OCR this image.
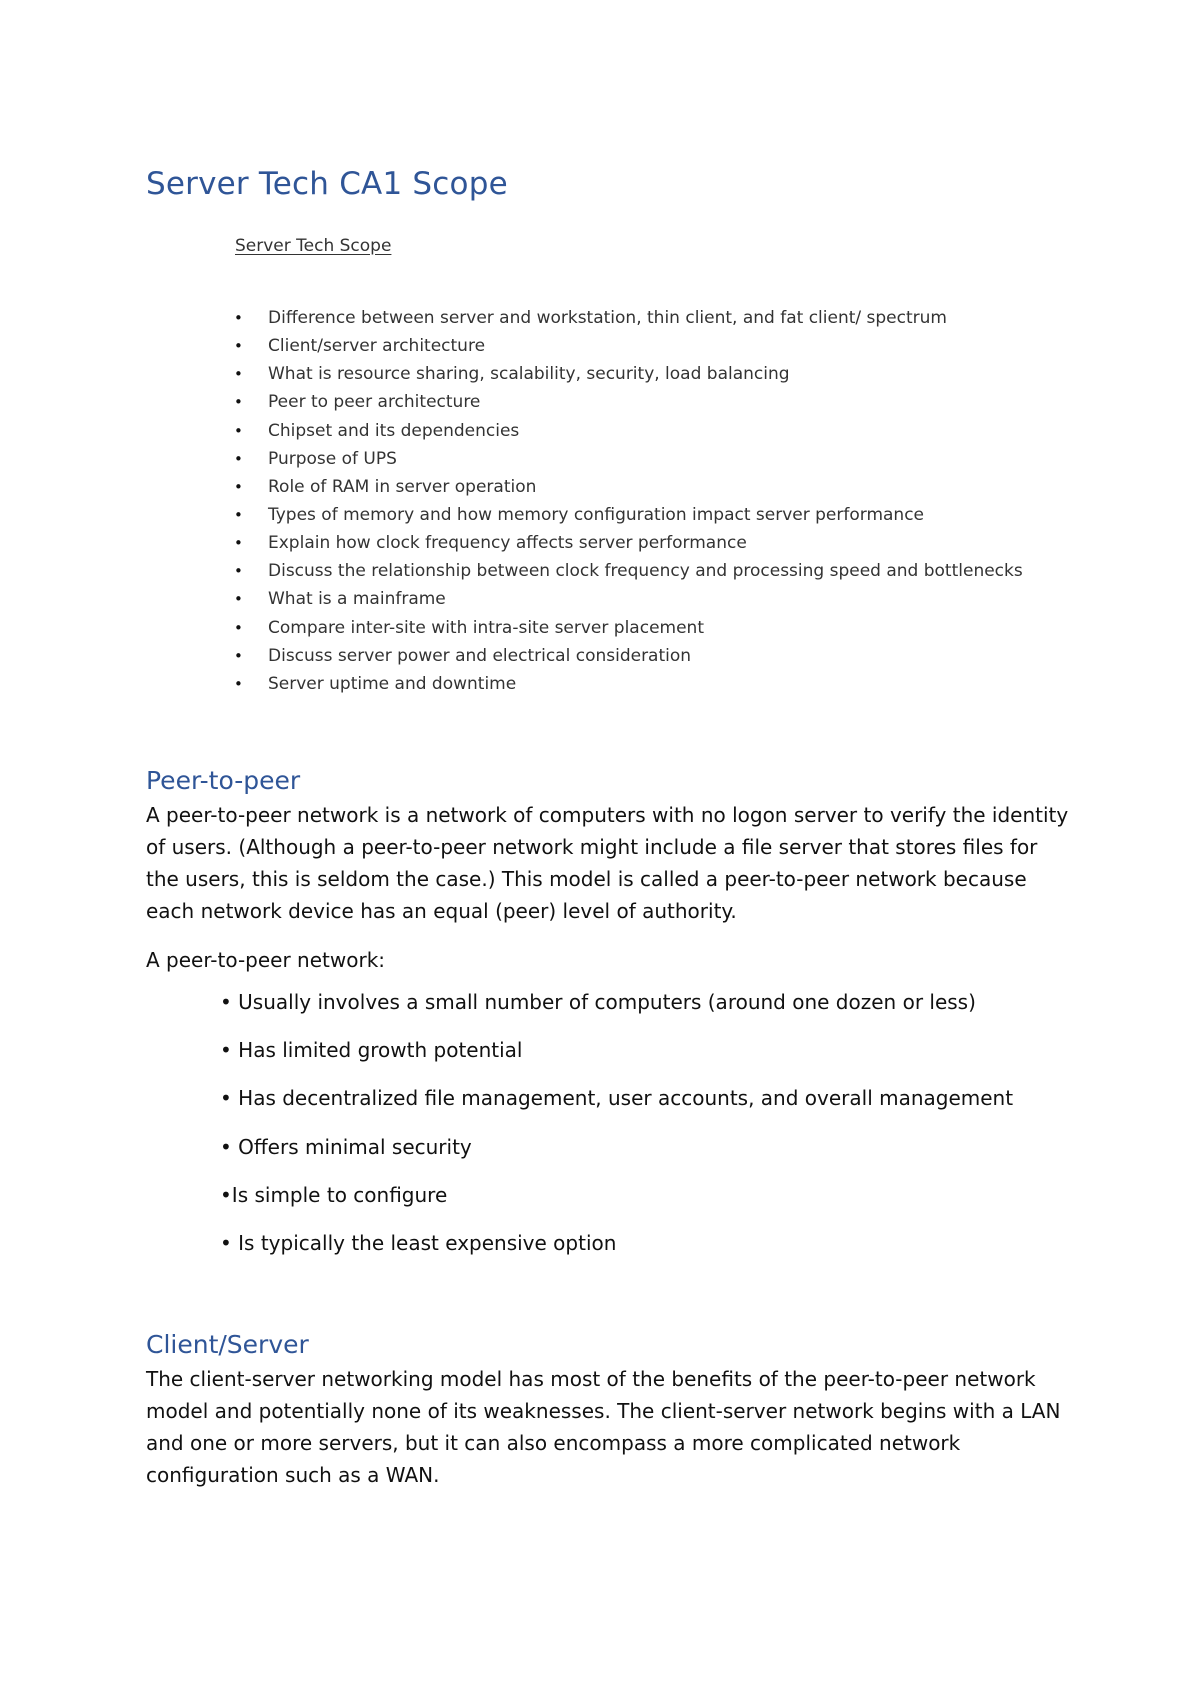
Server Tech CA1 Scope
Server Tech Scope
• Difference between server and workstation, thin client, and fat client/ spectrum
• Client/server architecture
• What is resource sharing, scalability, security, load balancing
• Peer to peer architecture
• Chipset and its dependencies
• Purpose of UPS
• Role of RAM in server operation
• Types of memory and how memory configuration impact server performance
• Explain how clock frequency affects server performance
• Discuss the relationship between clock frequency and processing speed and bottlenecks
• What is a mainframe
• Compare inter-site with intra-site server placement
• Discuss server power and electrical consideration
• Server uptime and downtime
Peer-to-peer

A peer-to-peer network is a network of computers with no logon server to verify the identity of users. (Although a peer-to-peer network might include a file server that stores files for the users, this is seldom the case.) This model is called a peer-to-peer network because each network device has an equal (peer) level of authority.

A peer-to-peer network:

• Usually involves a small number of computers (around one dozen or less)
• Has limited growth potential
• Has decentralized file management, user accounts, and overall management
• Offers minimal security
•Is simple to configure
• Is typically the least expensive option
Client/Server

The client-server networking model has most of the benefits of the peer-to-peer network model and potentially none of its weaknesses. The client-server network begins with a LAN and one or more servers, but it can also encompass a more complicated network configuration such as a WAN.
